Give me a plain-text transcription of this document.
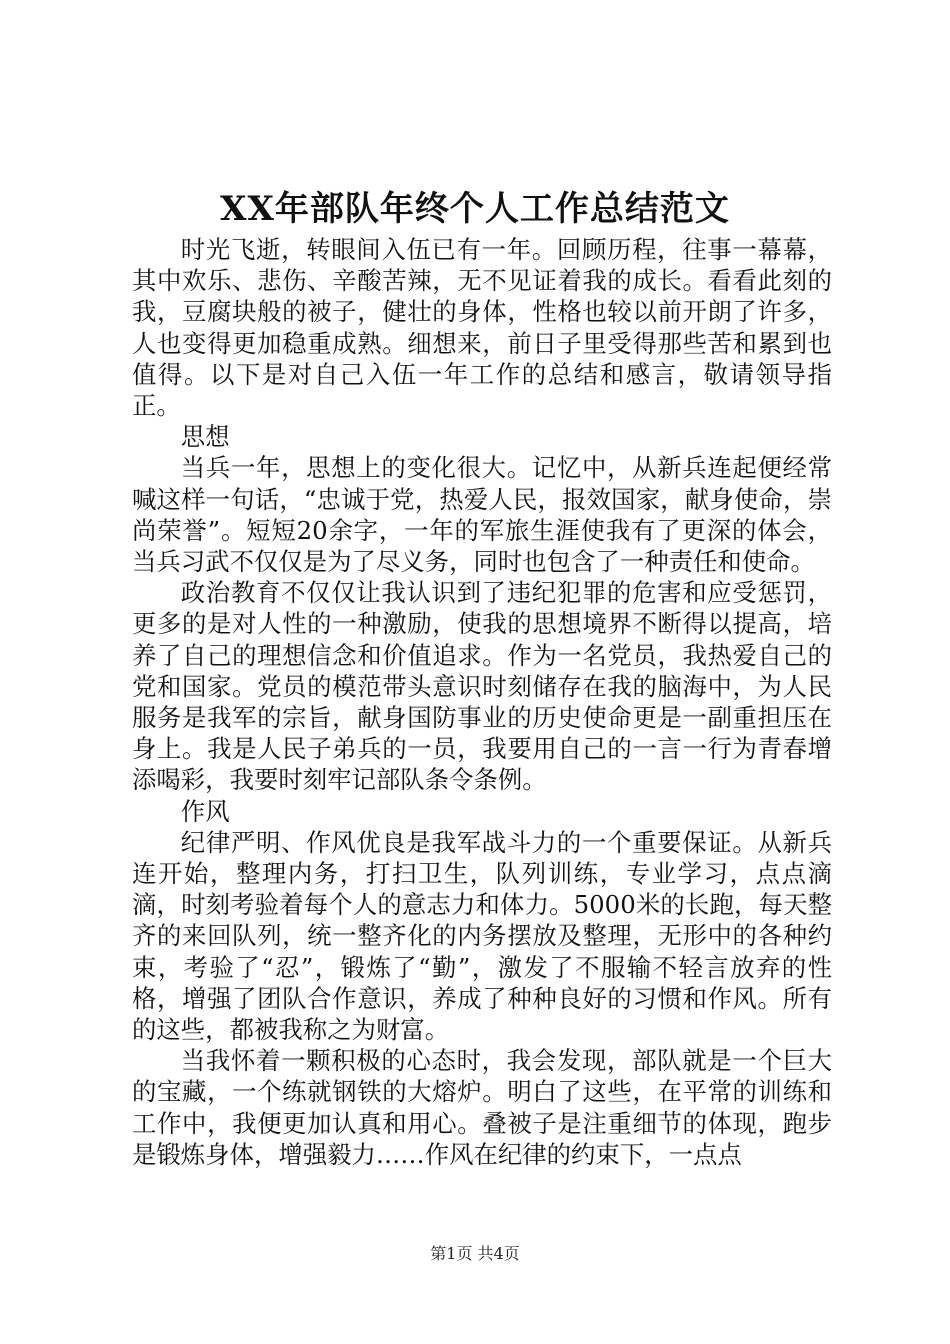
XX年部队年终个人工作总结范文

时光飞逝，转眼间入伍已有一年。回顾历程，往事一幕幕，其中欢乐、悲伤、辛酸苦辣，无不见证着我的成长。看看此刻的我，豆腐块般的被子，健壮的身体，性格也较以前开朗了许多，人也变得更加稳重成熟。细想来，前日子里受得那些苦和累到也值得。以下是对自己入伍一年工作的总结和感言，敬请领导指正。

思想

当兵一年，思想上的变化很大。记忆中，从新兵连起便经常喊这样一句话，“忠诚于党，热爱人民，报效国家，献身使命，崇尚荣誉”。短短20余字，一年的军旅生涯使我有了更深的体会，当兵习武不仅仅是为了尽义务，同时也包含了一种责任和使命。

政治教育不仅仅让我认识到了违纪犯罪的危害和应受惩罚，更多的是对人性的一种激励，使我的思想境界不断得以提高，培养了自己的理想信念和价值追求。作为一名党员，我热爱自己的党和国家。党员的模范带头意识时刻储存在我的脑海中，为人民服务是我军的宗旨，献身国防事业的历史使命更是一副重担压在身上。我是人民子弟兵的一员，我要用自己的一言一行为青春增添喝彩，我要时刻牢记部队条令条例。

作风

纪律严明、作风优良是我军战斗力的一个重要保证。从新兵连开始，整理内务，打扫卫生，队列训练，专业学习，点点滴滴，时刻考验着每个人的意志力和体力。5000米的长跑，每天整齐的来回队列，统一整齐化的内务摆放及整理，无形中的各种约束，考验了“忍”，锻炼了“勤”，激发了不服输不轻言放弃的性格，增强了团队合作意识，养成了种种良好的习惯和作风。所有的这些，都被我称之为财富。

当我怀着一颗积极的心态时，我会发现，部队就是一个巨大的宝藏，一个练就钢铁的大熔炉。明白了这些，在平常的训练和工作中，我便更加认真和用心。叠被子是注重细节的体现，跑步是锻炼身体，增强毅力……作风在纪律的约束下，一点点

第1页 共4页
